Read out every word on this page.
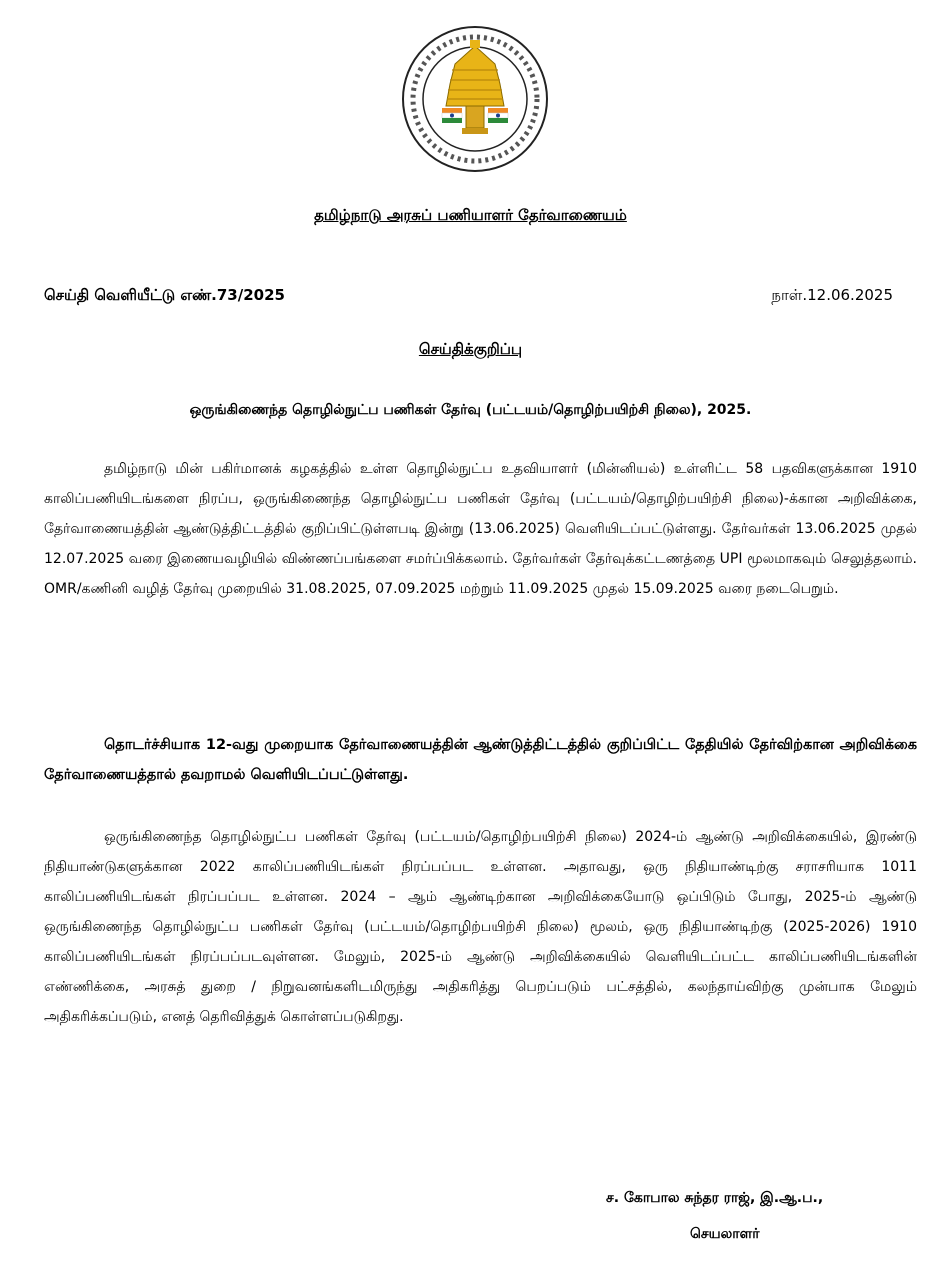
தமிழ்நாடு அரசுப் பணியாளர் தேர்வாணையம்
செய்தி வெளியீட்டு எண்.73/2025	நாள்.12.06.2025
செய்திக்குறிப்பு
ஒருங்கிணைந்த தொழில்நுட்ப பணிகள் தேர்வு (பட்டயம்/தொழிற்பயிற்சி நிலை), 2025.

தமிழ்நாடு மின் பகிர்மானக் கழகத்தில் உள்ள தொழில்நுட்ப உதவியாளர் (மின்னியல்) உள்ளிட்ட 58 பதவிகளுக்கான 1910 காலிப்பணியிடங்களை நிரப்ப, ஒருங்கிணைந்த தொழில்நுட்ப பணிகள் தேர்வு (பட்டயம்/தொழிற்பயிற்சி நிலை)-க்கான அறிவிக்கை, தேர்வாணையத்தின் ஆண்டுத்திட்டத்தில் குறிப்பிட்டுள்ளபடி இன்று (13.06.2025) வெளியிடப்பட்டுள்ளது. தேர்வர்கள் 13.06.2025 முதல் 12.07.2025 வரை இணையவழியில் விண்ணப்பங்களை சமர்ப்பிக்கலாம். தேர்வர்கள் தேர்வுக்கட்டணத்தை UPI மூலமாகவும் செலுத்தலாம். OMR/கணினி வழித் தேர்வு முறையில் 31.08.2025, 07.09.2025 மற்றும் 11.09.2025 முதல் 15.09.2025 வரை நடைபெறும்.

தொடர்ச்சியாக 12-வது முறையாக தேர்வாணையத்தின் ஆண்டுத்திட்டத்தில் குறிப்பிட்ட தேதியில் தேர்விற்கான அறிவிக்கை தேர்வாணையத்தால் தவறாமல் வெளியிடப்பட்டுள்ளது.

ஒருங்கிணைந்த தொழில்நுட்ப பணிகள் தேர்வு (பட்டயம்/தொழிற்பயிற்சி நிலை) 2024-ம் ஆண்டு அறிவிக்கையில், இரண்டு நிதியாண்டுகளுக்கான 2022 காலிப்பணியிடங்கள் நிரப்பப்பட உள்ளன. அதாவது, ஒரு நிதியாண்டிற்கு சராசரியாக 1011 காலிப்பணியிடங்கள் நிரப்பப்பட உள்ளன. 2024 – ஆம் ஆண்டிற்கான அறிவிக்கையோடு ஒப்பிடும் போது, 2025-ம் ஆண்டு ஒருங்கிணைந்த தொழில்நுட்ப பணிகள் தேர்வு (பட்டயம்/தொழிற்பயிற்சி நிலை) மூலம், ஒரு நிதியாண்டிற்கு (2025-2026) 1910 காலிப்பணியிடங்கள் நிரப்பப்படவுள்ளன. மேலும், 2025-ம் ஆண்டு அறிவிக்கையில் வெளியிடப்பட்ட காலிப்பணியிடங்களின் எண்ணிக்கை, அரசுத் துறை / நிறுவனங்களிடமிருந்து அதிகரித்து பெறப்படும் பட்சத்தில், கலந்தாய்விற்கு முன்பாக மேலும் அதிகரிக்கப்படும், எனத் தெரிவித்துக் கொள்ளப்படுகிறது.

ச. கோபால சுந்தர ராஜ், இ.ஆ.ப.,
செயலாளர்
